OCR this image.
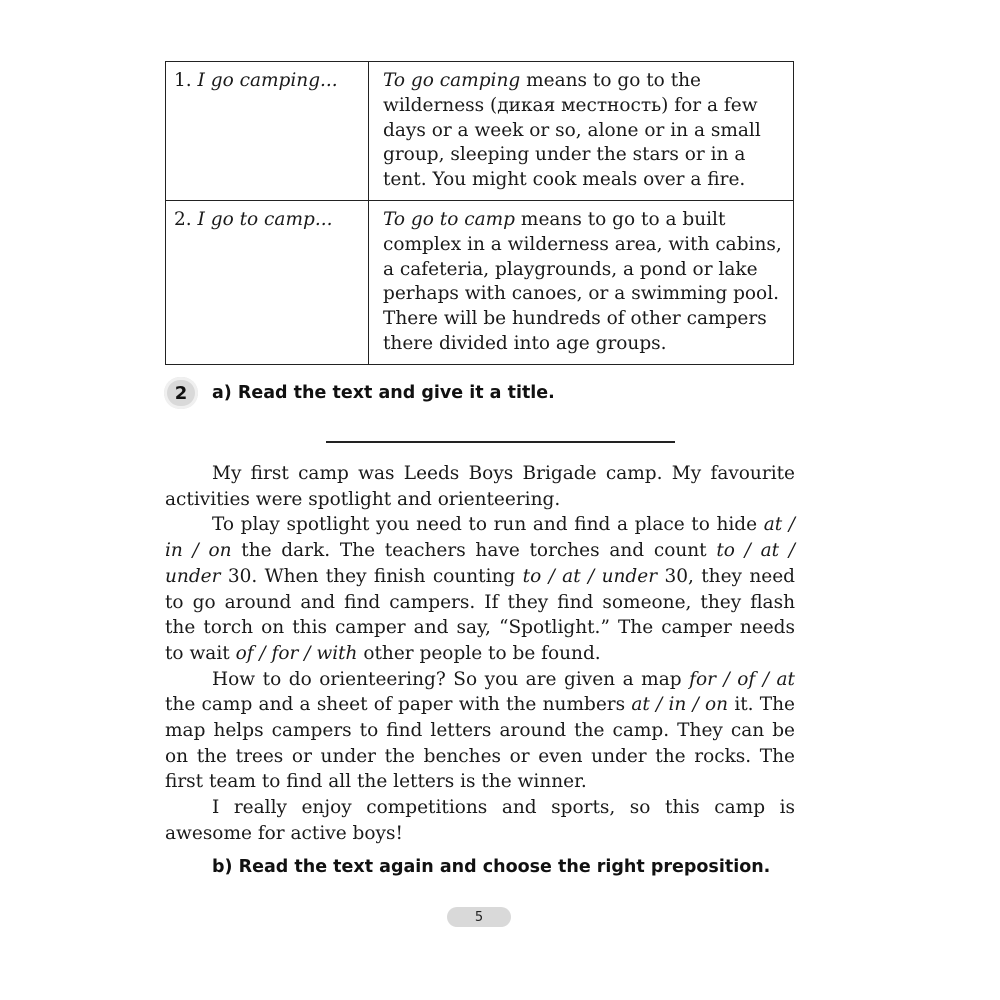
1. I go camping...	To go camping means to go to the wilderness (дикая местность) for a few days or a week or so, alone or in a small group, sleeping under the stars or in a tent. You might cook meals over a fire.
2. I go to camp...	To go to camp means to go to a built complex in a wilderness area, with cabins, a cafeteria, playgrounds, a pond or lake perhaps with canoes, or a swimming pool. There will be hundreds of other campers there divided into age groups.
2	a) Read the text and give it a title.

My first camp was Leeds Boys Brigade camp. My favourite activities were spotlight and orienteering.

To play spotlight you need to run and find a place to hide at / in / on the dark. The teachers have torches and count to / at / under 30. When they finish counting to / at / under 30, they need to go around and find campers. If they find someone, they flash the torch on this camper and say, “Spotlight.” The camper needs to wait of / for / with other people to be found.

How to do orienteering? So you are given a map for / of / at the camp and a sheet of paper with the numbers at / in / on it. The map helps campers to find letters around the camp. They can be on the trees or under the benches or even under the rocks. The first team to find all the letters is the winner.

I really enjoy competitions and sports, so this camp is awesome for active boys!

b) Read the text again and choose the right preposition.
5
